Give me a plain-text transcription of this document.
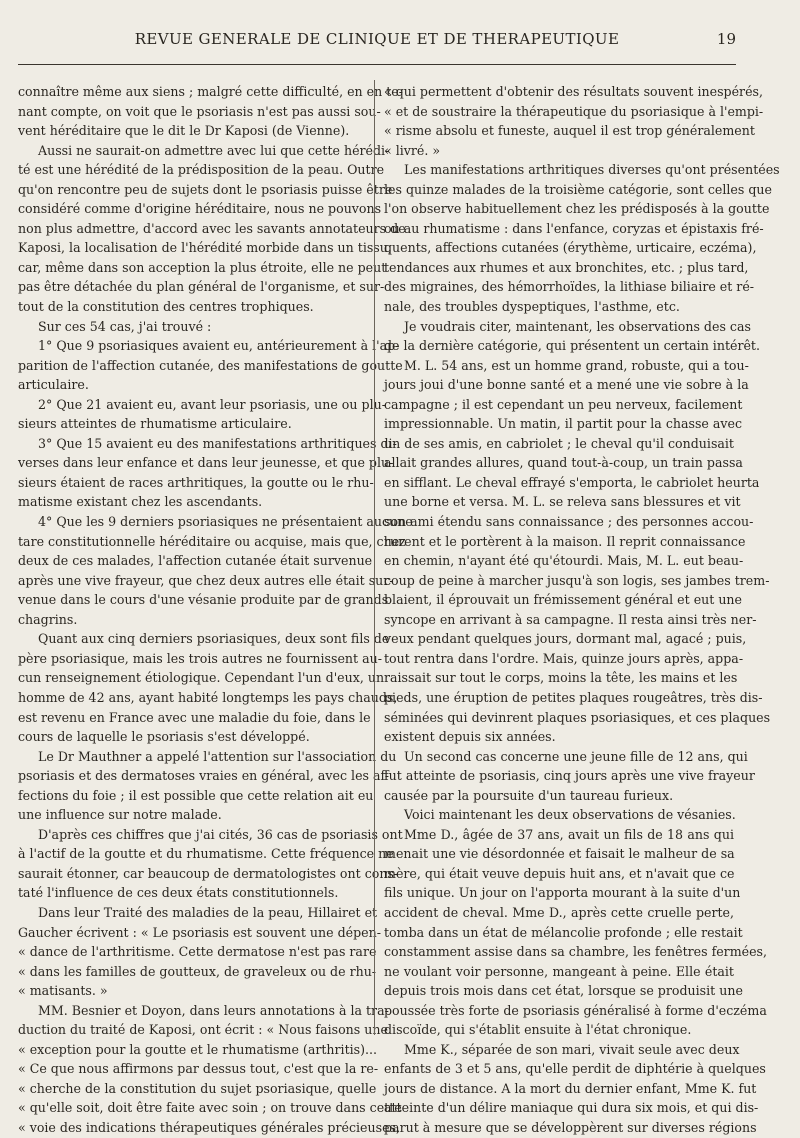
REVUE GENERALE DE CLINIQUE ET DE THERAPEUTIQUE	19
connaître même aux siens ; malgré cette difficulté, en en te-
nant compte, on voit que le psoriasis n'est pas aussi sou-
vent héréditaire que le dit le Dr Kaposi (de Vienne).
Aussi ne saurait-on admettre avec lui que cette hérédi-
té est une hérédité de la prédisposition de la peau. Outre
qu'on rencontre peu de sujets dont le psoriasis puisse être
considéré comme d'origine héréditaire, nous ne pouvons
non plus admettre, d'accord avec les savants annotateurs de
Kaposi, la localisation de l'hérédité morbide dans un tissu,
car, même dans son acception la plus étroite, elle ne peut
pas être détachée du plan général de l'organisme, et sur-
tout de la constitution des centres trophiques.
Sur ces 54 cas, j'ai trouvé :
1° Que 9 psoriasiques avaient eu, antérieurement à l'ap-
parition de l'affection cutanée, des manifestations de goutte
articulaire.
2° Que 21 avaient eu, avant leur psoriasis, une ou plu-
sieurs atteintes de rhumatisme articulaire.
3° Que 15 avaient eu des manifestations arthritiques di-
verses dans leur enfance et dans leur jeunesse, et que plu-
sieurs étaient de races arthritiques, la goutte ou le rhu-
matisme existant chez les ascendants.
4° Que les 9 derniers psoriasiques ne présentaient aucune
tare constitutionnelle héréditaire ou acquise, mais que, chez
deux de ces malades, l'affection cutanée était survenue
après une vive frayeur, que chez deux autres elle était sur-
venue dans le cours d'une vésanie produite par de grands
chagrins.
Quant aux cinq derniers psoriasiques, deux sont fils de
père psoriasique, mais les trois autres ne fournissent au-
cun renseignement étiologique. Cependant l'un d'eux, un
homme de 42 ans, ayant habité longtemps les pays chauds,
est revenu en France avec une maladie du foie, dans le
cours de laquelle le psoriasis s'est développé.
Le Dr Mauthner a appelé l'attention sur l'association du
psoriasis et des dermatoses vraies en général, avec les af-
fections du foie ; il est possible que cette relation ait eu
une influence sur notre malade.
D'après ces chiffres que j'ai cités, 36 cas de psoriasis ont
à l'actif de la goutte et du rhumatisme. Cette fréquence ne
saurait étonner, car beaucoup de dermatologistes ont cons-
taté l'influence de ces deux états constitutionnels.
Dans leur Traité des maladies de la peau, Hillairet et
Gaucher écrivent : « Le psoriasis est souvent une dépen-
« dance de l'arthritisme. Cette dermatose n'est pas rare
« dans les familles de goutteux, de graveleux ou de rhu-
« matisants. »
MM. Besnier et Doyon, dans leurs annotations à la tra-
duction du traité de Kaposi, ont écrit : « Nous faisons une
« exception pour la goutte et le rhumatisme (arthritis)...
« Ce que nous affirmons par dessus tout, c'est que la re-
« cherche de la constitution du sujet psoriasique, quelle
« qu'elle soit, doit être faite avec soin ; on trouve dans cette
« voie des indications thérapeutiques générales précieuses,
« qui permettent d'obtenir des résultats souvent inespérés,
« et de soustraire la thérapeutique du psoriasique à l'empi-
« risme absolu et funeste, auquel il est trop généralement
« livré. »
Les manifestations arthritiques diverses qu'ont présentées
les quinze malades de la troisième catégorie, sont celles que
l'on observe habituellement chez les prédisposés à la goutte
ou au rhumatisme : dans l'enfance, coryzas et épistaxis fré-
quents, affections cutanées (érythème, urticaire, eczéma),
tendances aux rhumes et aux bronchites, etc. ; plus tard,
des migraines, des hémorrhoïdes, la lithiase biliaire et ré-
nale, des troubles dyspeptiques, l'asthme, etc.
Je voudrais citer, maintenant, les observations des cas
de la dernière catégorie, qui présentent un certain intérêt.
M. L. 54 ans, est un homme grand, robuste, qui a tou-
jours joui d'une bonne santé et a mené une vie sobre à la
campagne ; il est cependant un peu nerveux, facilement
impressionnable. Un matin, il partit pour la chasse avec
un de ses amis, en cabriolet ; le cheval qu'il conduisait
allait grandes allures, quand tout-à-coup, un train passa
en sifflant. Le cheval effrayé s'emporta, le cabriolet heurta
une borne et versa. M. L. se releva sans blessures et vit
son ami étendu sans connaissance ; des personnes accou-
rurent et le portèrent à la maison. Il reprit connaissance
en chemin, n'ayant été qu'étourdi. Mais, M. L. eut beau-
coup de peine à marcher jusqu'à son logis, ses jambes trem-
blaient, il éprouvait un frémissement général et eut une
syncope en arrivant à sa campagne. Il resta ainsi très ner-
veux pendant quelques jours, dormant mal, agacé ; puis,
tout rentra dans l'ordre. Mais, quinze jours après, appa-
raissait sur tout le corps, moins la tête, les mains et les
pieds, une éruption de petites plaques rougeâtres, très dis-
séminées qui devinrent plaques psoriasiques, et ces plaques
existent depuis six années.
Un second cas concerne une jeune fille de 12 ans, qui
fut atteinte de psoriasis, cinq jours après une vive frayeur
causée par la poursuite d'un taureau furieux.
Voici maintenant les deux observations de vésanies.
Mme D., âgée de 37 ans, avait un fils de 18 ans qui
menait une vie désordonnée et faisait le malheur de sa
mère, qui était veuve depuis huit ans, et n'avait que ce
fils unique. Un jour on l'apporta mourant à la suite d'un
accident de cheval. Mme D., après cette cruelle perte,
tomba dans un état de mélancolie profonde ; elle restait
constamment assise dans sa chambre, les fenêtres fermées,
ne voulant voir personne, mangeant à peine. Elle était
depuis trois mois dans cet état, lorsque se produisit une
poussée très forte de psoriasis généralisé à forme d'eczéma
discoïde, qui s'établit ensuite à l'état chronique.
Mme K., séparée de son mari, vivait seule avec deux
enfants de 3 et 5 ans, qu'elle perdit de diphtérie à quelques
jours de distance. A la mort du dernier enfant, Mme K. fut
atteinte d'un délire maniaque qui dura six mois, et qui dis-
parut à mesure que se développèrent sur diverses régions
